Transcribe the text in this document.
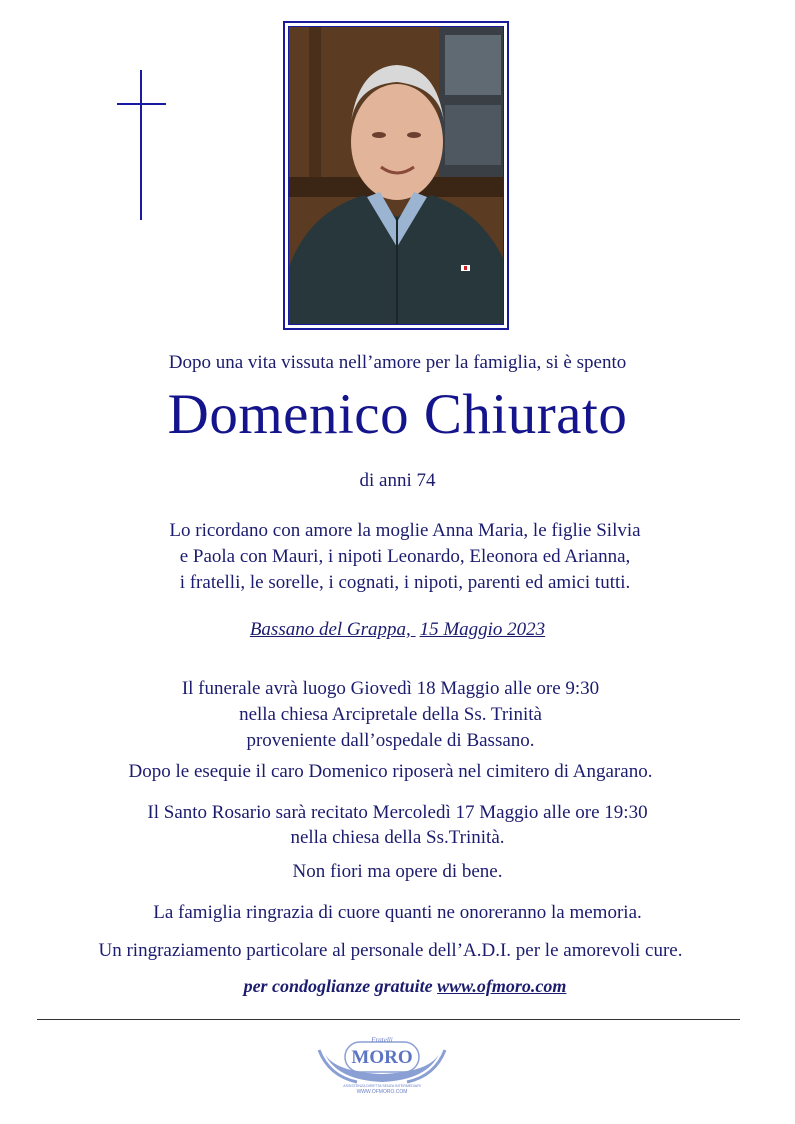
Dopo una vita vissuta nell’amore per la famiglia, si è spento
Domenico Chiurato
di anni 74
Lo ricordano con amore la moglie Anna Maria, le figlie Silvia
e Paola con Mauri, i nipoti Leonardo, Eleonora ed Arianna,
i fratelli, le sorelle, i cognati, i nipoti, parenti ed amici tutti.
Bassano del Grappa, 15 Maggio 2023
Il funerale avrà luogo Giovedì 18 Maggio alle ore 9:30
nella chiesa Arcipretale della Ss. Trinità
proveniente dall’ospedale di Bassano.
Dopo le esequie il caro Domenico riposerà nel cimitero di Angarano.
Il Santo Rosario sarà recitato Mercoledì 17 Maggio alle ore 19:30
nella chiesa della Ss.Trinità.
Non fiori ma opere di bene.
La famiglia ringrazia di cuore quanti ne onoreranno la memoria.
Un ringraziamento particolare al personale dell’A.D.I. per le amorevoli cure.
per condoglianze gratuite www.ofmoro.com
Fratelli
MORO
ASSISTENZA DIRETTA SENZA INTERMEDIARI
WWW.OFMORO.COM
